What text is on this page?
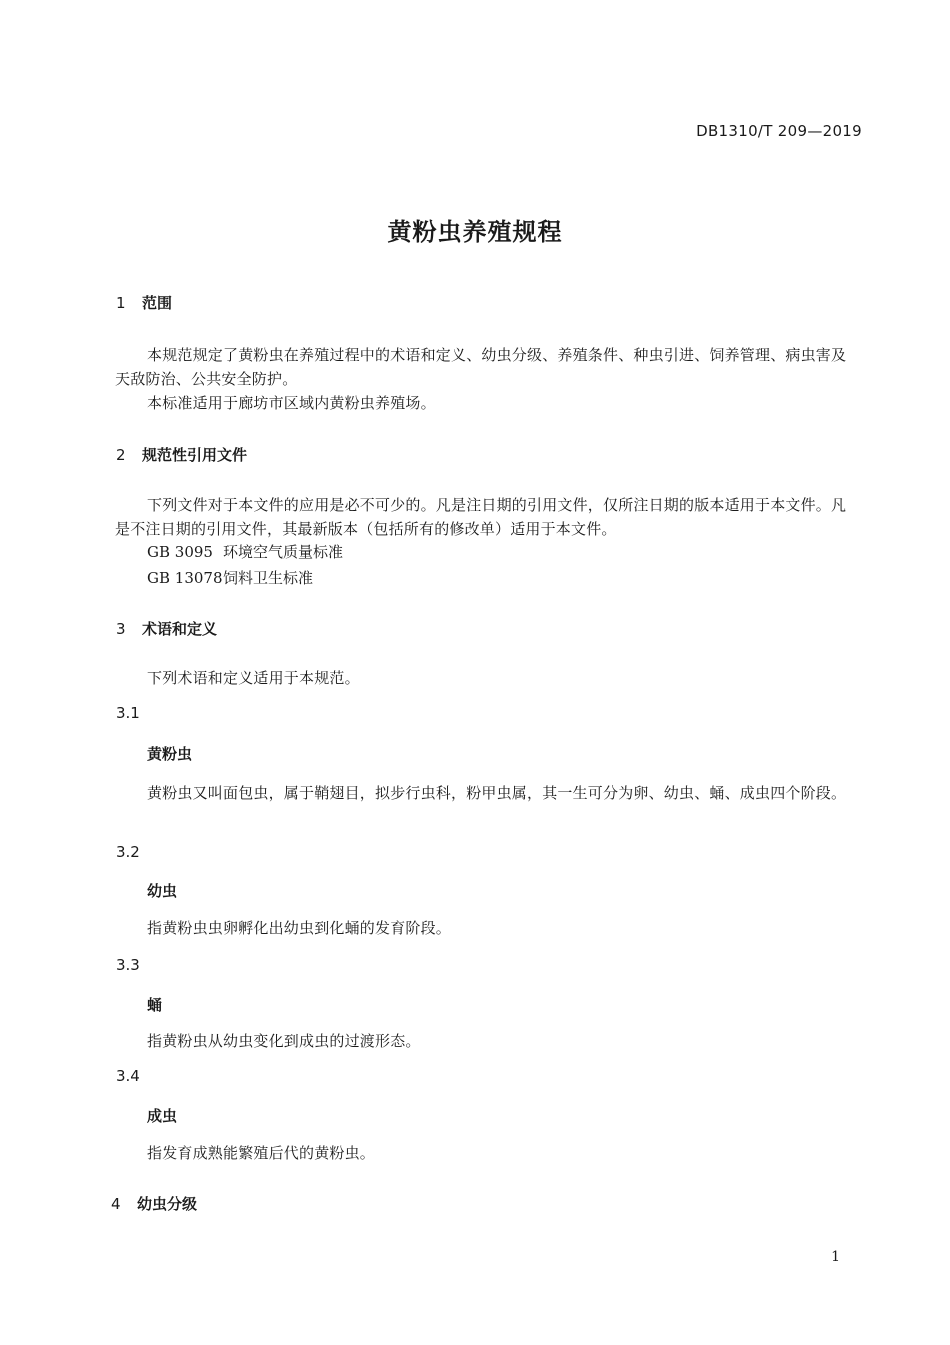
DB1310/T 209—2019
黄粉虫养殖规程
1 范围
本规范规定了黄粉虫在养殖过程中的术语和定义、幼虫分级、养殖条件、种虫引进、饲养管理、病虫害及天敌防治、公共安全防护。
本标准适用于廊坊市区域内黄粉虫养殖场。
2 规范性引用文件
下列文件对于本文件的应用是必不可少的。凡是注日期的引用文件，仅所注日期的版本适用于本文件。凡是不注日期的引用文件，其最新版本（包括所有的修改单）适用于本文件。
GB 3095 环境空气质量标准
GB 13078饲料卫生标准
3 术语和定义
下列术语和定义适用于本规范。
3.1
黄粉虫
黄粉虫又叫面包虫，属于鞘翅目，拟步行虫科，粉甲虫属，其一生可分为卵、幼虫、蛹、成虫四个阶段。
3.2
幼虫
指黄粉虫虫卵孵化出幼虫到化蛹的发育阶段。
3.3
蛹
指黄粉虫从幼虫变化到成虫的过渡形态。
3.4
成虫
指发育成熟能繁殖后代的黄粉虫。
4 幼虫分级
1
